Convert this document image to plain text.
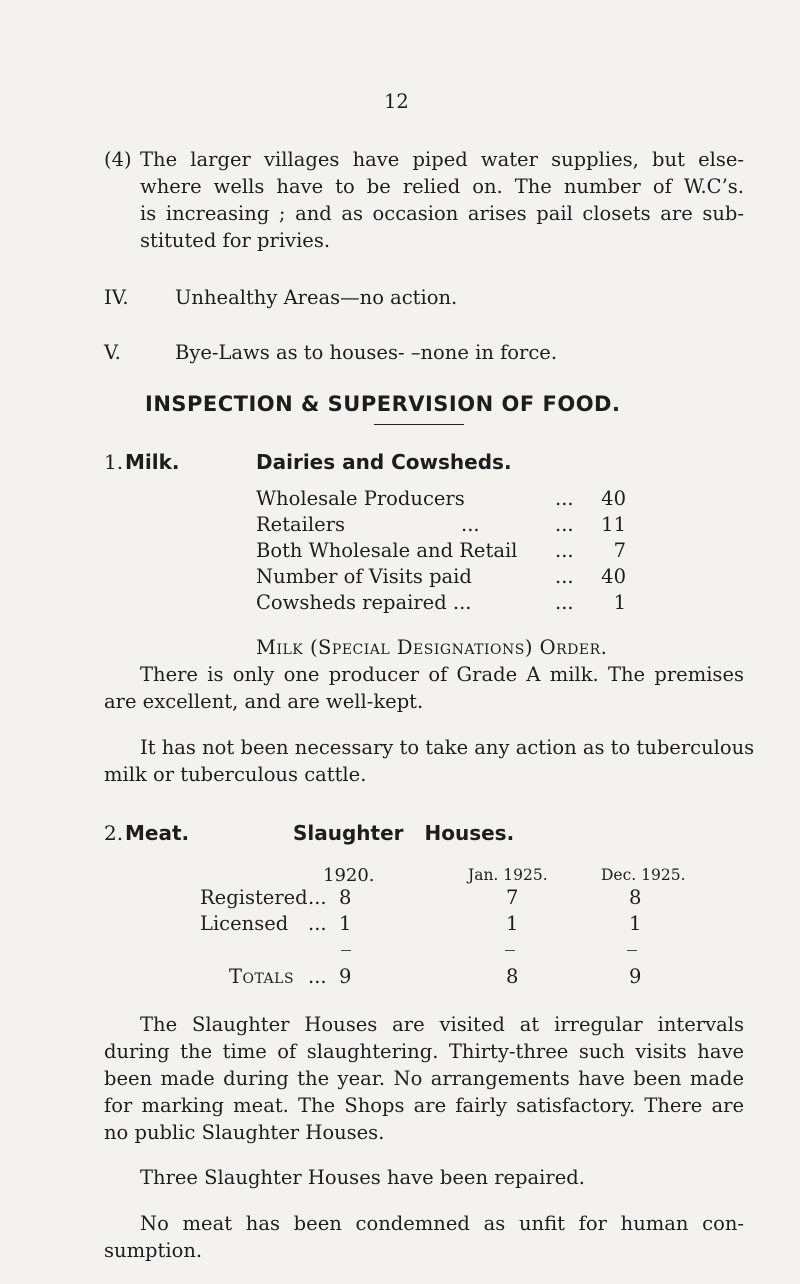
12
(4) The larger villages have piped water supplies, but else-
where wells have to be relied on. The number of W.C’s.
is increasing ; and as occasion arises pail closets are sub-
stituted for privies.
IV. Unhealthy Areas—no action.
V.	Bye-Laws as to houses- –none in force.
INSPECTION & SUPERVISION OF FOOD.
1. Milk.	Dairies and Cowsheds.
Wholesale Producers	... 40
Retailers	...	... 11
Both Wholesale and Retail ...	7
Number of Visits paid	... 40
Cowsheds repaired ...	...	1
Milk (Special Designations) Order.
There is only one producer of Grade A milk. The premises
are excellent, and are well-kept.
It has not been necessary to take any action as to tuberculous
milk or tuberculous cattle.
2. Meat.	Slaughter Houses.
1920.	Jan. 1925.	Dec. 1925.
Registered ... 8	7	8
Licensed ... 1	1	1
Totals ... 9	8	9
The Slaughter Houses are visited at irregular intervals
during the time of slaughtering. Thirty-three such visits have
been made during the year. No arrangements have been made
for marking meat. The Shops are fairly satisfactory. There are
no public Slaughter Houses.
Three Slaughter Houses have been repaired.
No meat has been condemned as unfit for human con-
sumption.
